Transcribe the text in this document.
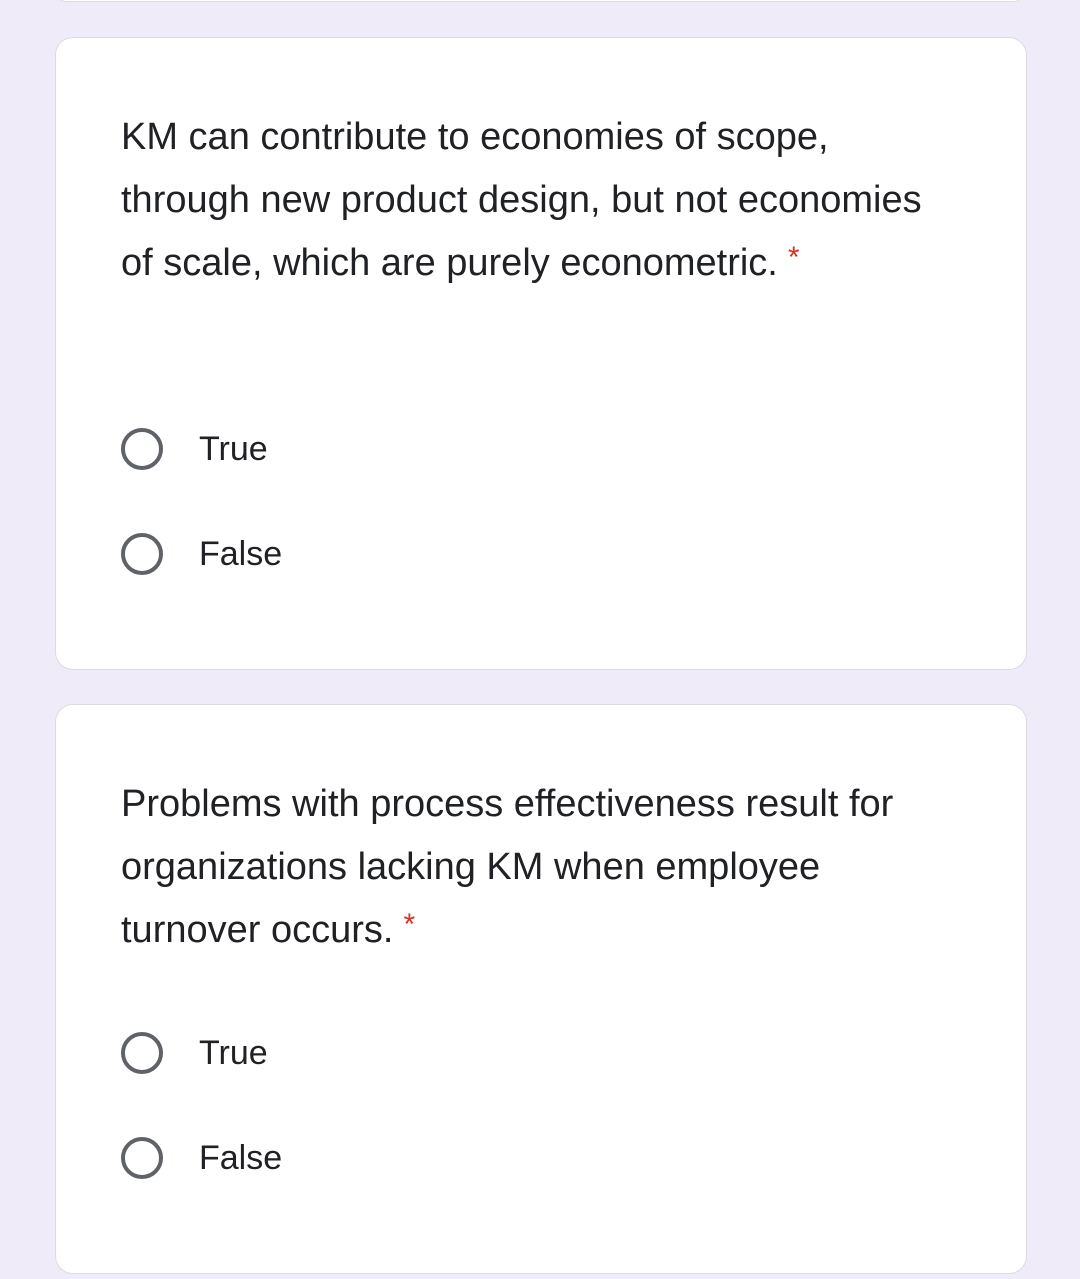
KM can contribute to economies of scope, through new product design, but not economies of scale, which are purely econometric. *

True
False

Problems with process effectiveness result for organizations lacking KM when employee turnover occurs. *

True
False
